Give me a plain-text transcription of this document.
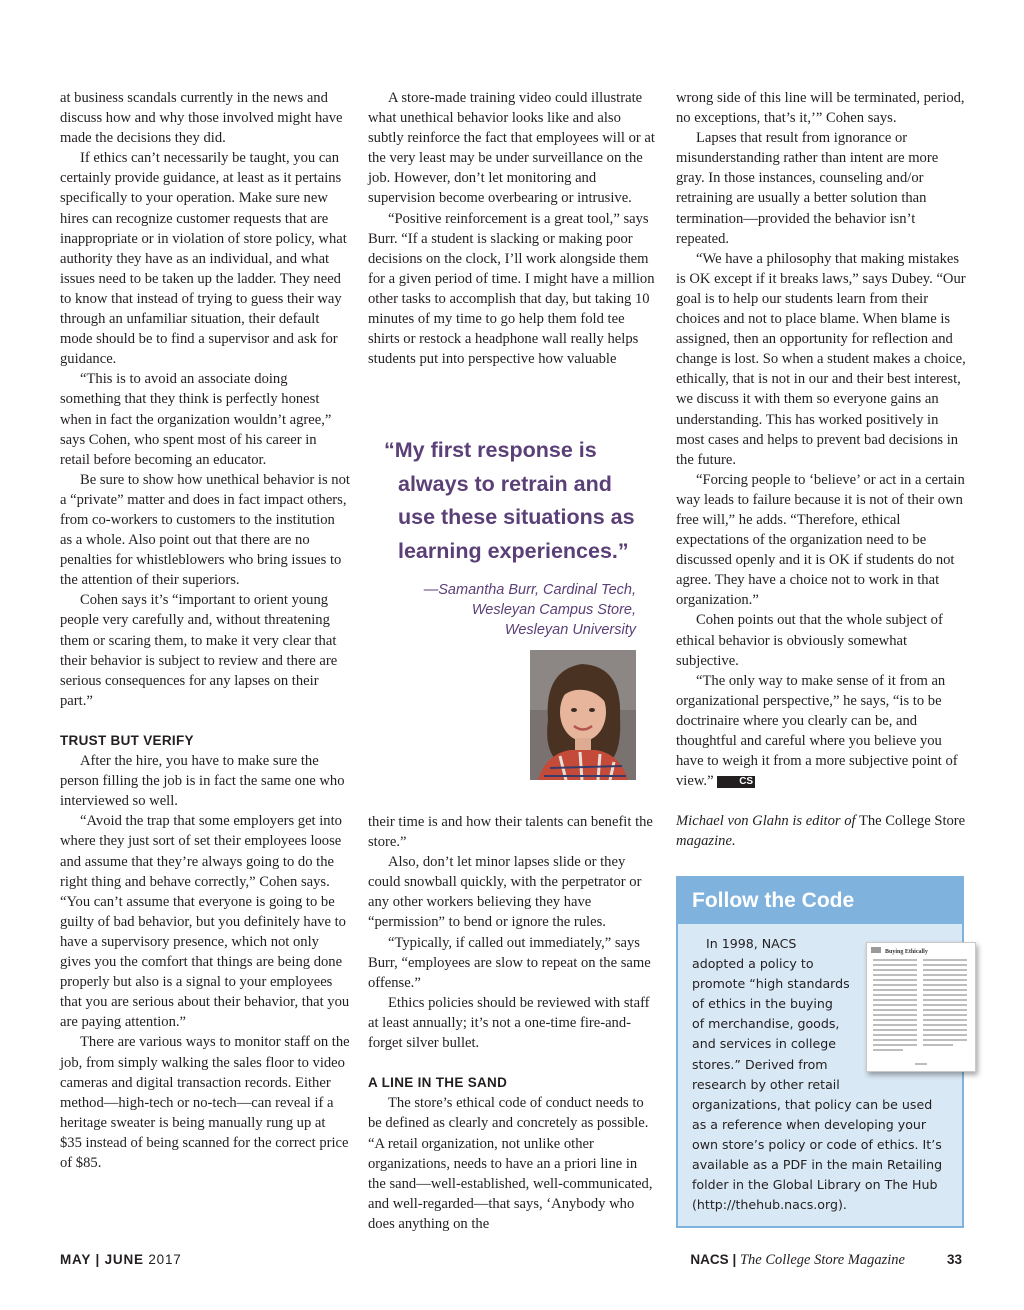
at business scandals currently in the news and discuss how and why those involved might have made the decisions they did.

If ethics can’t necessarily be taught, you can certainly provide guidance, at least as it pertains specifically to your operation. Make sure new hires can recognize customer requests that are inappropriate or in violation of store policy, what authority they have as an individual, and what issues need to be taken up the ladder. They need to know that instead of trying to guess their way through an unfamiliar situation, their default mode should be to find a supervisor and ask for guidance.

“This is to avoid an associate doing something that they think is perfectly honest when in fact the organization wouldn’t agree,” says Cohen, who spent most of his career in retail before becoming an educator.

Be sure to show how unethical behavior is not a “private” matter and does in fact impact others, from co-workers to customers to the institution as a whole. Also point out that there are no penalties for whistleblowers who bring issues to the attention of their superiors.

Cohen says it’s “important to orient young people very carefully and, without threatening them or scaring them, to make it very clear that their behavior is subject to review and there are serious consequences for any lapses on their part.”

TRUST BUT VERIFY

After the hire, you have to make sure the person filling the job is in fact the same one who interviewed so well.

“Avoid the trap that some employers get into where they just sort of set their employees loose and assume that they’re always going to do the right thing and behave correctly,” Cohen says. “You can’t assume that everyone is going to be guilty of bad behavior, but you definitely have to have a supervisory presence, which not only gives you the comfort that things are being done properly but also is a signal to your employees that you are serious about their behavior, that you are paying attention.”

There are various ways to monitor staff on the job, from simply walking the sales floor to video cameras and digital transaction records. Either method—high-tech or no-tech—can reveal if a heritage sweater is being manually rung up at $35 instead of being scanned for the correct price of $85.

A store-made training video could illustrate what unethical behavior looks like and also subtly reinforce the fact that employees will or at the very least may be under surveillance on the job. However, don’t let monitoring and supervision become overbearing or intrusive.

“Positive reinforcement is a great tool,” says Burr. “If a student is slacking or making poor decisions on the clock, I’ll work alongside them for a given period of time. I might have a million other tasks to accomplish that day, but taking 10 minutes of my time to go help them fold tee shirts or restock a headphone wall really helps students put into perspective how valuable

“My first response is
always to retrain and
use these situations as
learning experiences.”
—Samantha Burr, Cardinal Tech,
Wesleyan Campus Store,
Wesleyan University

their time is and how their talents can benefit the store.”

Also, don’t let minor lapses slide or they could snowball quickly, with the perpetrator or any other workers believing they have “permission” to bend or ignore the rules.

“Typically, if called out immediately,” says Burr, “employees are slow to repeat on the same offense.”

Ethics policies should be reviewed with staff at least annually; it’s not a one-time fire-and-forget silver bullet.

A LINE IN THE SAND

The store’s ethical code of conduct needs to be defined as clearly and concretely as possible. “A retail organization, not unlike other organizations, needs to have an a priori line in the sand—well-established, well-communicated, and well-regarded—that says, ‘Anybody who does anything on the

wrong side of this line will be terminated, period, no exceptions, that’s it,’” Cohen says.

Lapses that result from ignorance or misunderstanding rather than intent are more gray. In those instances, counseling and/or retraining are usually a better solution than termination—provided the behavior isn’t repeated.

“We have a philosophy that making mistakes is OK except if it breaks laws,” says Dubey. “Our goal is to help our students learn from their choices and not to place blame. When blame is assigned, then an opportunity for reflection and change is lost. So when a student makes a choice, ethically, that is not in our and their best interest, we discuss it with them so everyone gains an understanding. This has worked positively in most cases and helps to prevent bad decisions in the future.

“Forcing people to ‘believe’ or act in a certain way leads to failure because it is not of their own free will,” he adds. “Therefore, ethical expectations of the organization need to be discussed openly and it is OK if students do not agree. They have a choice not to work in that organization.”

Cohen points out that the whole subject of ethical behavior is obviously somewhat subjective.

“The only way to make sense of it from an organizational perspective,” he says, “is to be doctrinaire where you clearly can be, and thoughtful and careful where you believe you have to weigh it from a more subjective point of view.”	CS

Michael von Glahn is editor of The College Store magazine.

Follow the Code
In 1998, NACS
adopted a policy to
promote “high standards
of ethics in the buying
of merchandise, goods,
and services in college
stores.” Derived from
research by other retail
organizations, that policy can be used
as a reference when developing your
own store’s policy or code of ethics. It’s
available as a PDF in the main Retailing
folder in the Global Library on The Hub
(http://thehub.nacs.org).
Buying Ethically
MAY | JUNE 2017	NACS | The College Store Magazine	33
